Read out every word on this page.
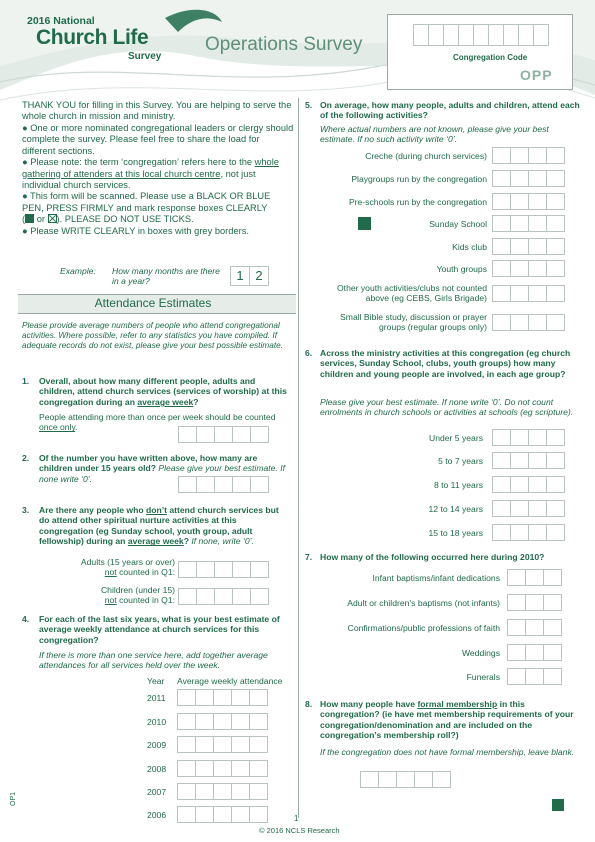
2016 National
Church Life
Survey
Operations Survey
Congregation Code
OPP
THANK YOU for filling in this Survey. You are helping to serve the whole church in mission and ministry.
● One or more nominated congregational leaders or clergy should complete the survey. Please feel free to share the load for different sections.
● Please note: the term ‘congregation’ refers here to the whole gathering of attenders at this local church centre, not just individual church services.
● This form will be scanned. Please use a BLACK OR BLUE PEN, PRESS FIRMLY and mark response boxes CLEARLY
( or ☒). PLEASE DO NOT USE TICKS.
● Please WRITE CLEARLY in boxes with grey borders.
Example: How many months are there in a year?	1 2
Attendance Estimates
Please provide average numbers of people who attend congregational activities. Where possible, refer to any statistics you have compiled. If adequate records do not exist, please give your best possible estimate.
1. Overall, about how many different people, adults and children, attend church services (services of worship) at this congregation during an average week?
People attending more than once per week should be counted once only.
2. Of the number you have written above, how many are children under 15 years old? Please give your best estimate. If none write ‘0’.
3. Are there any people who don’t attend church services but do attend other spiritual nurture activities at this congregation (eg Sunday school, youth group, adult fellowship) during an average week? If none, write ‘0’.
Adults (15 years or over)
not counted in Q1:
Children (under 15)
not counted in Q1:
4. For each of the last six years, what is your best estimate of average weekly attendance at church services for this congregation?
If there is more than one service here, add together average attendances for all services held over the week.
Year Average weekly attendance
2011
2010
2009
2008
2007
2006
5. On average, how many people, adults and children, attend each of the following activities?
Where actual numbers are not known, please give your best estimate. If no such activity write ‘0’.
Creche (during church services)
Playgroups run by the congregation
Pre-schools run by the congregation
Sunday School
Kids club
Youth groups
Other youth activities/clubs not counted above (eg CEBS, Girls Brigade)
Small Bible study, discussion or prayer groups (regular groups only)
6. Across the ministry activities at this congregation (eg church services, Sunday School, clubs, youth groups) how many children and young people are involved, in each age group?
Please give your best estimate. If none write ‘0’. Do not count enrolments in church schools or activities at schools (eg scripture).
Under 5 years
5 to 7 years
8 to 11 years
12 to 14 years
15 to 18 years
7. How many of the following occurred here during 2010?
Infant baptisms/infant dedications
Adult or children’s baptisms (not infants)
Confirmations/public professions of faith
Weddings
Funerals
8. How many people have formal membership in this congregation? (ie have met membership requirements of your congregation/denomination and are included on the congregation’s membership roll?)
If the congregation does not have formal membership, leave blank.
1
© 2016 NCLS Research
OP1
